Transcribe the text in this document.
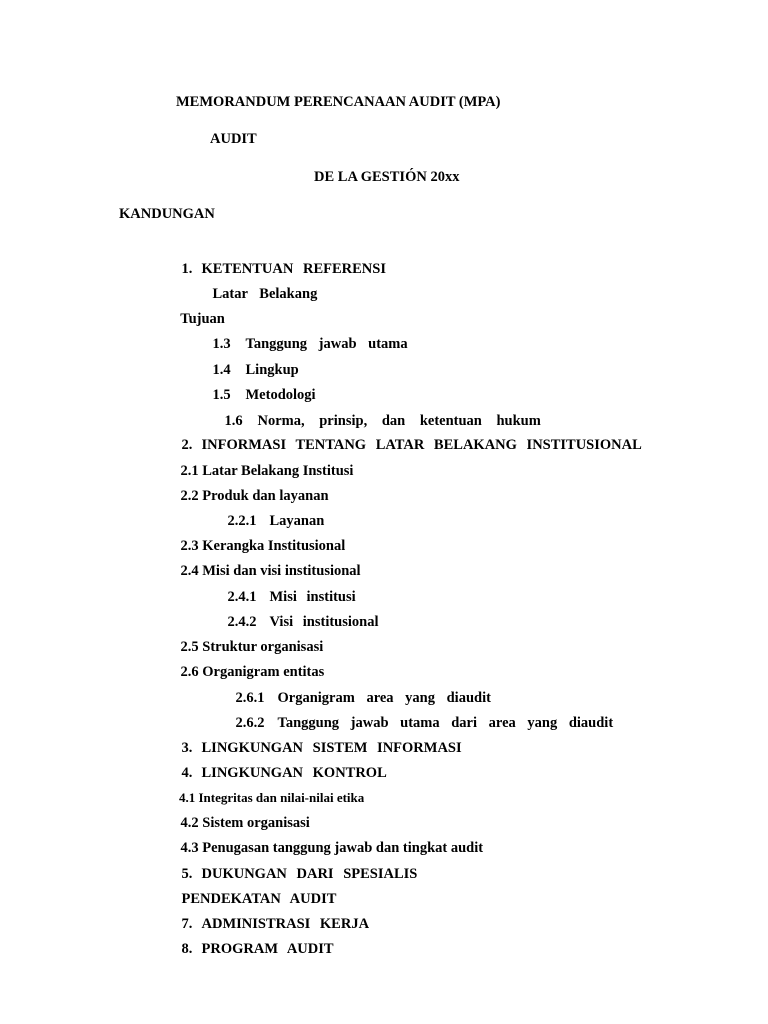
MEMORANDUM PERENCANAAN AUDIT (MPA)
AUDIT
DE LA GESTIÓN 20xx
KANDUNGAN

1. KETENTUAN REFERENSI

Latar Belakang

Tujuan

1.3 Tanggung jawab utama

1.4 Lingkup

1.5 Metodologi

1.6 Norma, prinsip, dan ketentuan hukum

2. INFORMASI TENTANG LATAR BELAKANG INSTITUSIONAL

2.1 Latar Belakang Institusi

2.2 Produk dan layanan

2.2.1 Layanan

2.3 Kerangka Institusional

2.4 Misi dan visi institusional

2.4.1 Misi institusi

2.4.2 Visi institusional

2.5 Struktur organisasi

2.6 Organigram entitas

2.6.1 Organigram area yang diaudit

2.6.2 Tanggung jawab utama dari area yang diaudit

3. LINGKUNGAN SISTEM INFORMASI

4. LINGKUNGAN KONTROL

4.1 Integritas dan nilai-nilai etika

4.2 Sistem organisasi

4.3 Penugasan tanggung jawab dan tingkat audit

5. DUKUNGAN DARI SPESIALIS

PENDEKATAN AUDIT

7. ADMINISTRASI KERJA

8. PROGRAM AUDIT
